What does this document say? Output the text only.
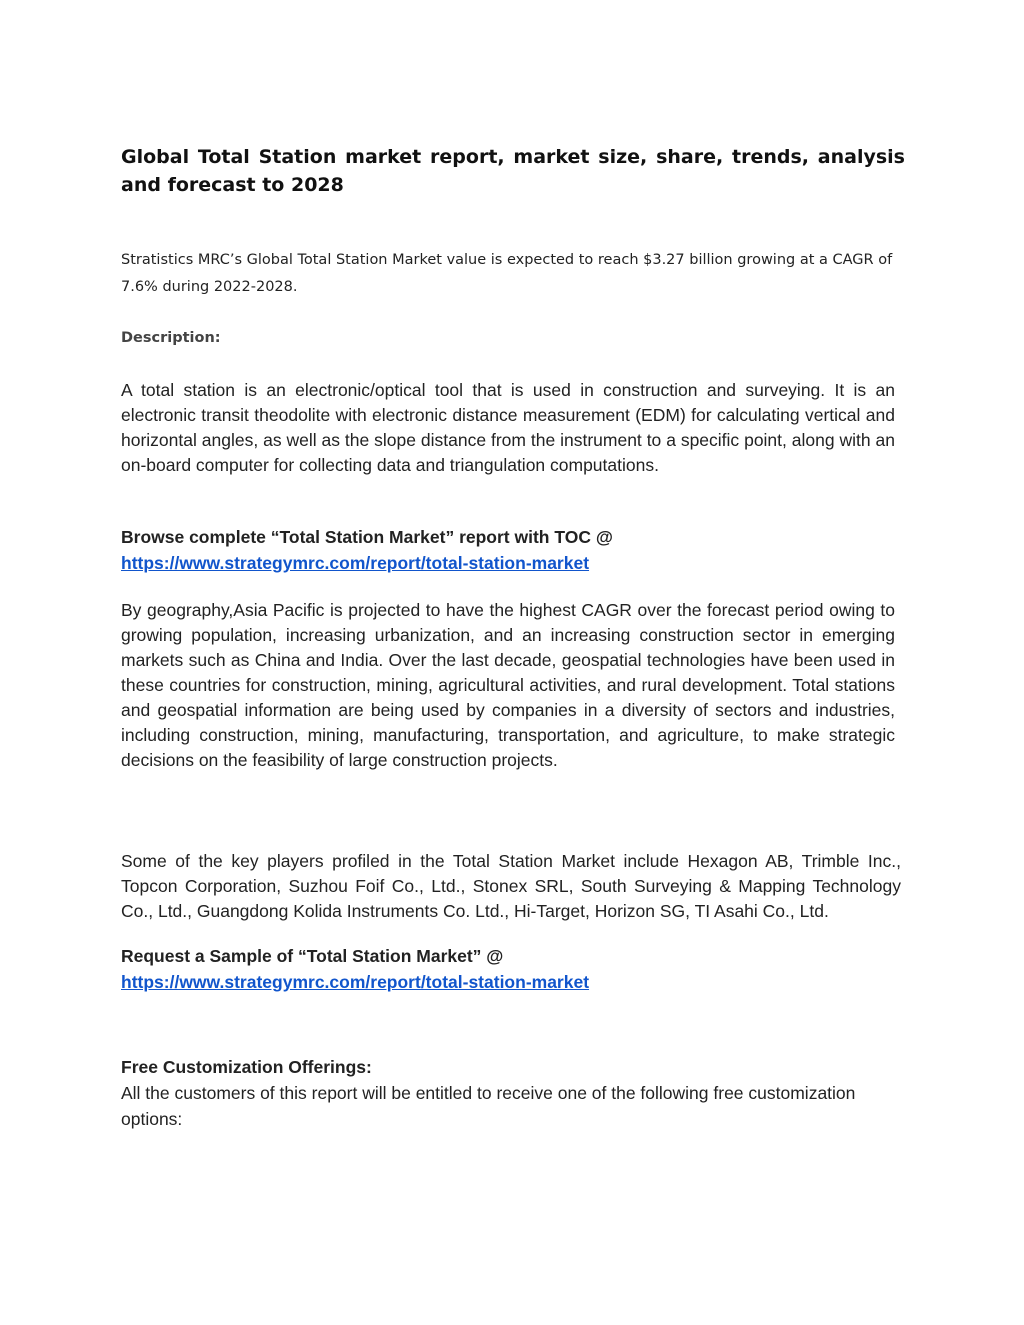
Global Total Station market report, market size, share, trends, analysis and forecast to 2028

Stratistics MRC’s Global Total Station Market value is expected to reach $3.27 billion growing at a CAGR of 7.6% during 2022-2028.

Description:

A total station is an electronic/optical tool that is used in construction and surveying. It is an electronic transit theodolite with electronic distance measurement (EDM) for calculating vertical and horizontal angles, as well as the slope distance from the instrument to a specific point, along with an on-board computer for collecting data and triangulation computations.

Browse complete “Total Station Market” report with TOC @
https://www.strategymrc.com/report/total-station-market

By geography,Asia Pacific is projected to have the highest CAGR over the forecast period owing to growing population, increasing urbanization, and an increasing construction sector in emerging markets such as China and India. Over the last decade, geospatial technologies have been used in these countries for construction, mining, agricultural activities, and rural development. Total stations and geospatial information are being used by companies in a diversity of sectors and industries, including construction, mining, manufacturing, transportation, and agriculture, to make strategic decisions on the feasibility of large construction projects.

Some of the key players profiled in the Total Station Market include Hexagon AB, Trimble Inc., Topcon Corporation, Suzhou Foif Co., Ltd., Stonex SRL, South Surveying & Mapping Technology Co., Ltd., Guangdong Kolida Instruments Co. Ltd., Hi-Target, Horizon SG, TI Asahi Co., Ltd.

Request a Sample of “Total Station Market” @
https://www.strategymrc.com/report/total-station-market
Free Customization Offerings:
All the customers of this report will be entitled to receive one of the following free customization options:
